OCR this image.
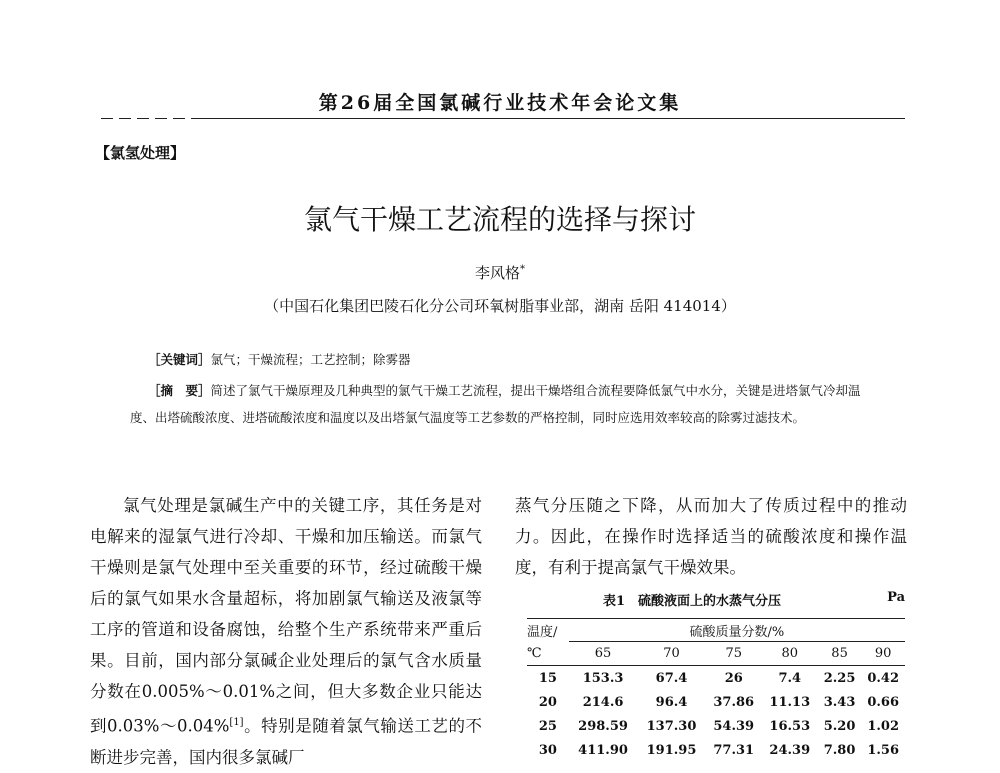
第26届全国氯碱行业技术年会论文集
【氯氢处理】
氯气干燥工艺流程的选择与探讨
李风格*
（中国石化集团巴陵石化分公司环氧树脂事业部，湖南 岳阳 414014）
［关键词］氯气；干燥流程；工艺控制；除雾器
［摘　要］简述了氯气干燥原理及几种典型的氯气干燥工艺流程，提出干燥塔组合流程要降低氯气中水分，关键是进塔氯气冷却温度、出塔硫酸浓度、进塔硫酸浓度和温度以及出塔氯气温度等工艺参数的严格控制，同时应选用效率较高的除雾过滤技术。
氯气处理是氯碱生产中的关键工序，其任务是对电解来的湿氯气进行冷却、干燥和加压输送。而氯气干燥则是氯气处理中至关重要的环节，经过硫酸干燥后的氯气如果水含量超标，将加剧氯气输送及液氯等工序的管道和设备腐蚀，给整个生产系统带来严重后果。目前，国内部分氯碱企业处理后的氯气含水质量分数在0.005%～0.01%之间，但大多数企业只能达到0.03%～0.04%[1]。特别是随着氯气输送工艺的不断进步完善，国内很多氯碱厂
蒸气分压随之下降，从而加大了传质过程中的推动力。因此，在操作时选择适当的硫酸浓度和操作温度，有利于提高氯气干燥效果。
表1　硫酸液面上的水蒸气分压	Pa
温度/	硫酸质量分数/%					
℃	65	70	75	80	85	90
15	153.3	67.4	26	7.4	2.25	0.42
20	214.6	96.4	37.86	11.13	3.43	0.66
25	298.59	137.30	54.39	16.53	5.20	1.02
30	411.90	191.95	77.31	24.39	7.80	1.56
